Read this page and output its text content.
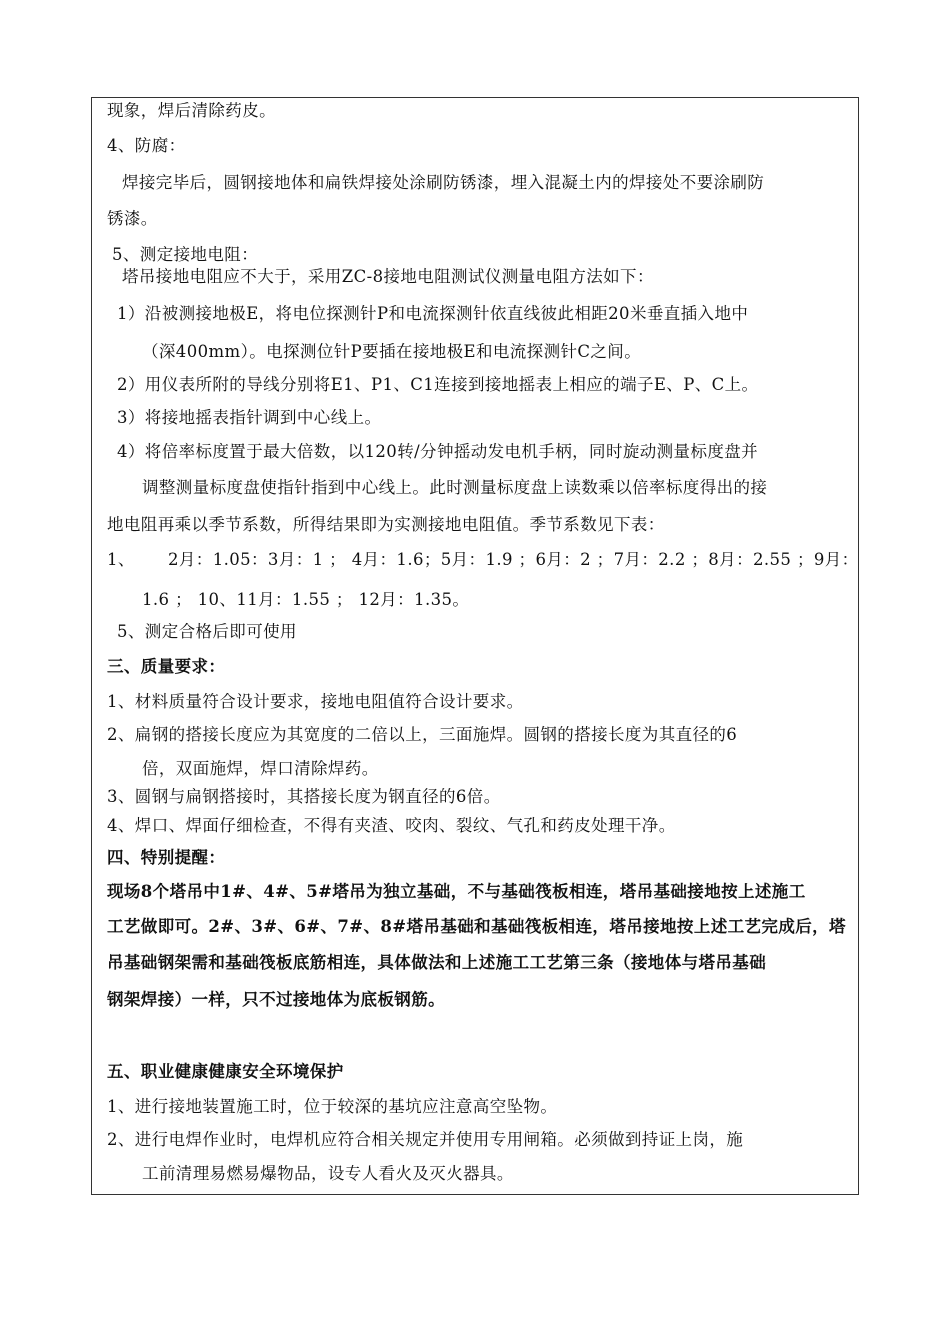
现象，焊后清除药皮。
4、防腐：
焊接完毕后，圆钢接地体和扁铁焊接处涂刷防锈漆，埋入混凝土内的焊接处不要涂刷防
锈漆。
5、测定接地电阻：
塔吊接地电阻应不大于，采用ZC-8接地电阻测试仪测量电阻方法如下：
1）沿被测接地极E，将电位探测针P和电流探测针依直线彼此相距20米垂直插入地中
（深400mm）。电探测位针P要插在接地极E和电流探测针C之间。
2）用仪表所附的导线分别将E1、P1、C1连接到接地摇表上相应的端子E、P、C上。
3）将接地摇表指针调到中心线上。
4）将倍率标度置于最大倍数，以120转/分钟摇动发电机手柄，同时旋动测量标度盘并
调整测量标度盘使指针指到中心线上。此时测量标度盘上读数乘以倍率标度得出的接
地电阻再乘以季节系数，所得结果即为实测接地电阻值。季节系数见下表：
1、 2月：1.05：3月：1 ； 4月：1.6；5月：1.9 ；6月：2 ；7月：2.2 ；8月：2.55 ；9月：
1.6 ； 10、11月：1.55 ； 12月：1.35。
5、测定合格后即可使用
三、质量要求：
1、材料质量符合设计要求，接地电阻值符合设计要求。
2、扁钢的搭接长度应为其宽度的二倍以上，三面施焊。圆钢的搭接长度为其直径的6
倍，双面施焊，焊口清除焊药。
3、圆钢与扁钢搭接时，其搭接长度为钢直径的6倍。
4、焊口、焊面仔细检查，不得有夹渣、咬肉、裂纹、气孔和药皮处理干净。
四、特别提醒：
现场8个塔吊中1#、4#、5#塔吊为独立基础，不与基础筏板相连，塔吊基础接地按上述施工
工艺做即可。2#、3#、6#、7#、8#塔吊基础和基础筏板相连，塔吊接地按上述工艺完成后，塔
吊基础钢架需和基础筏板底筋相连，具体做法和上述施工工艺第三条（接地体与塔吊基础
钢架焊接）一样，只不过接地体为底板钢筋。
五、职业健康健康安全环境保护
1、进行接地装置施工时，位于较深的基坑应注意高空坠物。
2、进行电焊作业时，电焊机应符合相关规定并使用专用闸箱。必须做到持证上岗，施
工前清理易燃易爆物品，设专人看火及灭火器具。
